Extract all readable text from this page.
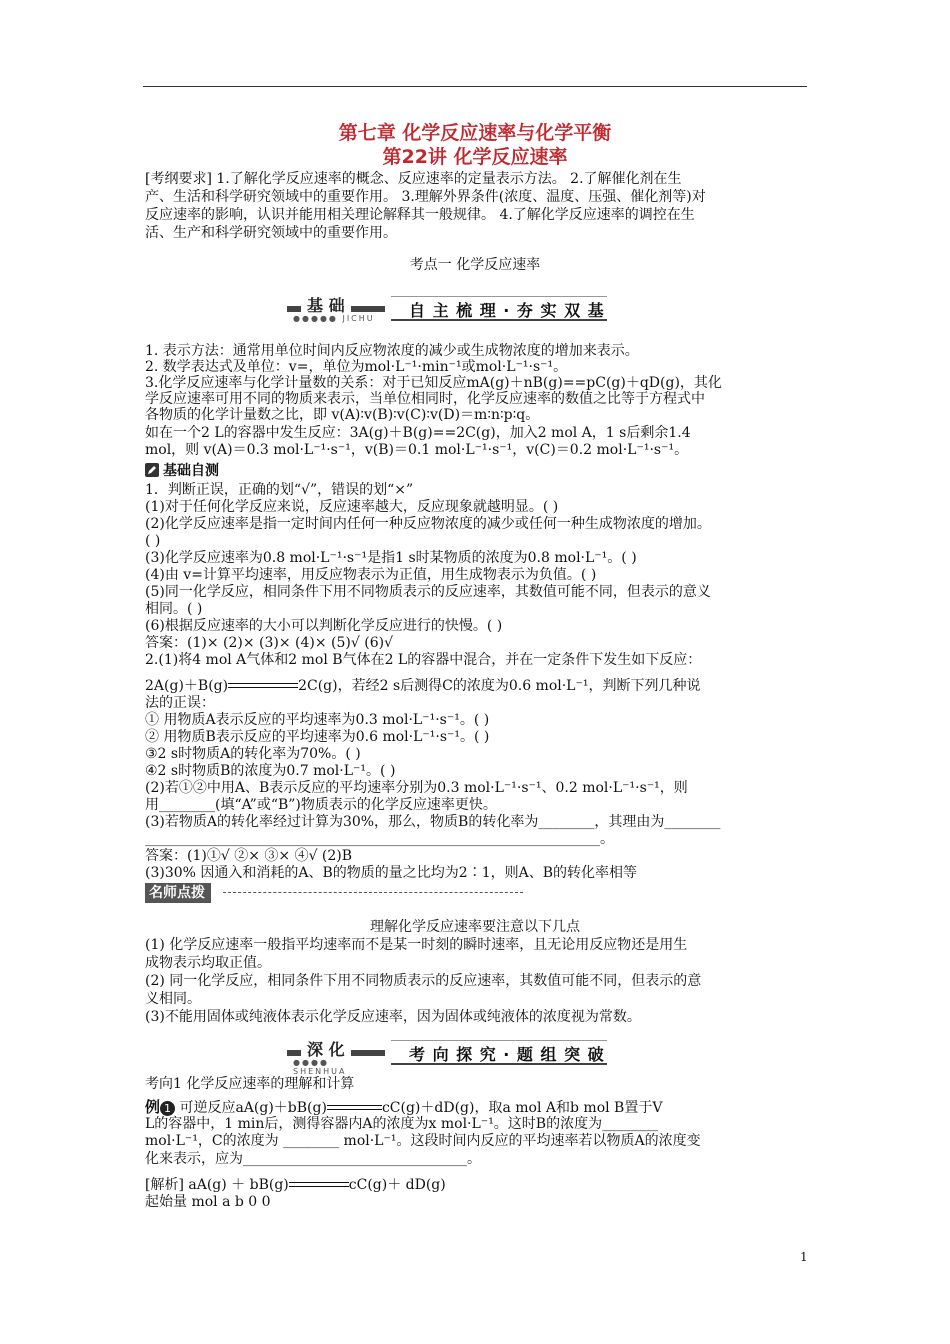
第七章 化学反应速率与化学平衡
第22讲 化学反应速率
[考纲要求] 1.了解化学反应速率的概念、反应速率的定量表示方法。 2.了解催化剂在生
产、生活和科学研究领域中的重要作用。 3.理解外界条件(浓度、温度、压强、催化剂等)对
反应速率的影响，认识并能用相关理论解释其一般规律。 4.了解化学反应速率的调控在生
活、生产和科学研究领域中的重要作用。
考点一 化学反应速率
基 础
●●●●● JICHU 自 主 梳 理 · 夯 实 双 基
1. 表示方法：通常用单位时间内反应物浓度的减少或生成物浓度的增加来表示。
2. 数学表达式及单位：v=，单位为mol·L⁻¹·min⁻¹或mol·L⁻¹·s⁻¹。
3.化学反应速率与化学计量数的关系：对于已知反应mA(g)＋nB(g)==pC(g)＋qD(g)，其化
学反应速率可用不同的物质来表示，当单位相同时，化学反应速率的数值之比等于方程式中
各物质的化学计量数之比，即 v(A)∶v(B)∶v(C)∶v(D)＝m∶n∶p∶q。
如在一个2 L的容器中发生反应：3A(g)＋B(g)==2C(g)，加入2 mol A，1 s后剩余1.4
mol，则 v(A)＝0.3 mol·L⁻¹·s⁻¹，v(B)＝0.1 mol·L⁻¹·s⁻¹，v(C)＝0.2 mol·L⁻¹·s⁻¹。
基础自测
1．判断正误，正确的划“√”，错误的划“×”
(1)对于任何化学反应来说，反应速率越大，反应现象就越明显。( )
(2)化学反应速率是指一定时间内任何一种反应物浓度的减少或任何一种生成物浓度的增加。
( )
(3)化学反应速率为0.8 mol·L⁻¹·s⁻¹是指1 s时某物质的浓度为0.8 mol·L⁻¹。( )
(4)由 v=计算平均速率，用反应物表示为正值，用生成物表示为负值。( )
(5)同一化学反应，相同条件下用不同物质表示的反应速率，其数值可能不同，但表示的意义
相同。( )
(6)根据反应速率的大小可以判断化学反应进行的快慢。( )
答案：(1)× (2)× (3)× (4)× (5)√ (6)√
2.(1)将4 mol A气体和2 mol B气体在2 L的容器中混合，并在一定条件下发生如下反应：
2A(g)＋B(g)	2C(g)，若经2 s后测得C的浓度为0.6 mol·L⁻¹，判断下列几种说
法的正误：
① 用物质A表示反应的平均速率为0.3 mol·L⁻¹·s⁻¹。( )
② 用物质B表示反应的平均速率为0.6 mol·L⁻¹·s⁻¹。( )
③2 s时物质A的转化率为70%。( )
④2 s时物质B的浓度为0.7 mol·L⁻¹。( )
(2)若①②中用A、B表示反应的平均速率分别为0.3 mol·L⁻¹·s⁻¹、0.2 mol·L⁻¹·s⁻¹，则
用________(填“A”或“B”)物质表示的化学反应速率更快。
(3)若物质A的转化率经过计算为30%，那么，物质B的转化率为________，其理由为________
_________________________________________________________________。
答案：(1)①√ ②× ③× ④√ (2)B
(3)30% 因通入和消耗的A、B的物质的量之比均为2∶1，则A、B的转化率相等
名师点拨
理解化学反应速率要注意以下几点
(1) 化学反应速率一般指平均速率而不是某一时刻的瞬时速率，且无论用反应物还是用生
成物表示均取正值。
(2) 同一化学反应，相同条件下用不同物质表示的反应速率，其数值可能不同，但表示的意
义相同。
(3)不能用固体或纯液体表示化学反应速率，因为固体或纯液体的浓度视为常数。
深 化
●●●● SHENHUA
考 向 探 究 · 题 组 突 破
考向1 化学反应速率的理解和计算
例 1 可逆反应aA(g)＋bB(g)	cC(g)＋dD(g)，取a mol A和b mol B置于V
L的容器中，1 min后，测得容器内A的浓度为x mol·L⁻¹。这时B的浓度为________
mol·L⁻¹，C的浓度为 ________ mol·L⁻¹。这段时间内反应的平均速率若以物质A的浓度变
化来表示，应为________________________________。
[解析] aA(g) ＋ bB(g)	cC(g)＋ dD(g)
起始量 mol a b 0 0
1
